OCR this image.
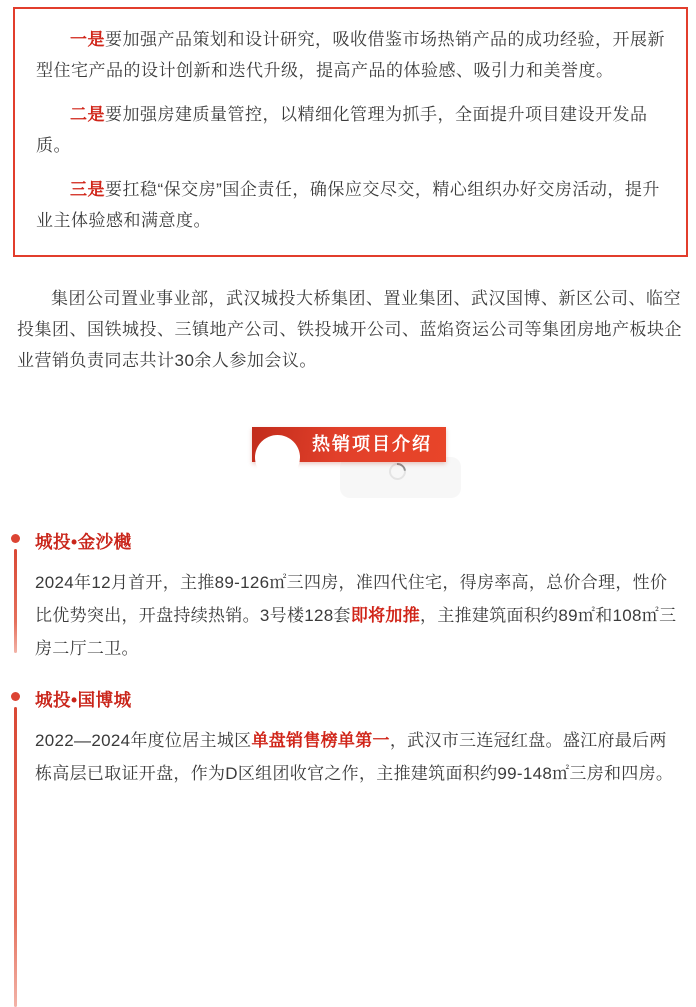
一是要加强产品策划和设计研究，吸收借鉴市场热销产品的成功经验，开展新型住宅产品的设计创新和迭代升级，提高产品的体验感、吸引力和美誉度。

二是要加强房建质量管控，以精细化管理为抓手，全面提升项目建设开发品质。

三是要扛稳“保交房”国企责任，确保应交尽交，精心组织办好交房活动，提升业主体验感和满意度。

集团公司置业事业部，武汉城投大桥集团、置业集团、武汉国博、新区公司、临空投集团、国铁城投、三镇地产公司、铁投城开公司、蓝焰资运公司等集团房地产板块企业营销负责同志共计30余人参加会议。

热销项目介绍
城投•金沙樾

2024年12月首开，主推89-126㎡三四房，准四代住宅，得房率高，总价合理，性价比优势突出，开盘持续热销。3号楼128套即将加推，主推建筑面积约89㎡和108㎡三房二厅二卫。

城投•国博城

2022—2024年度位居主城区单盘销售榜单第一，武汉市三连冠红盘。盛江府最后两栋高层已取证开盘，作为D区组团收官之作，主推建筑面积约99-148㎡三房和四房。
